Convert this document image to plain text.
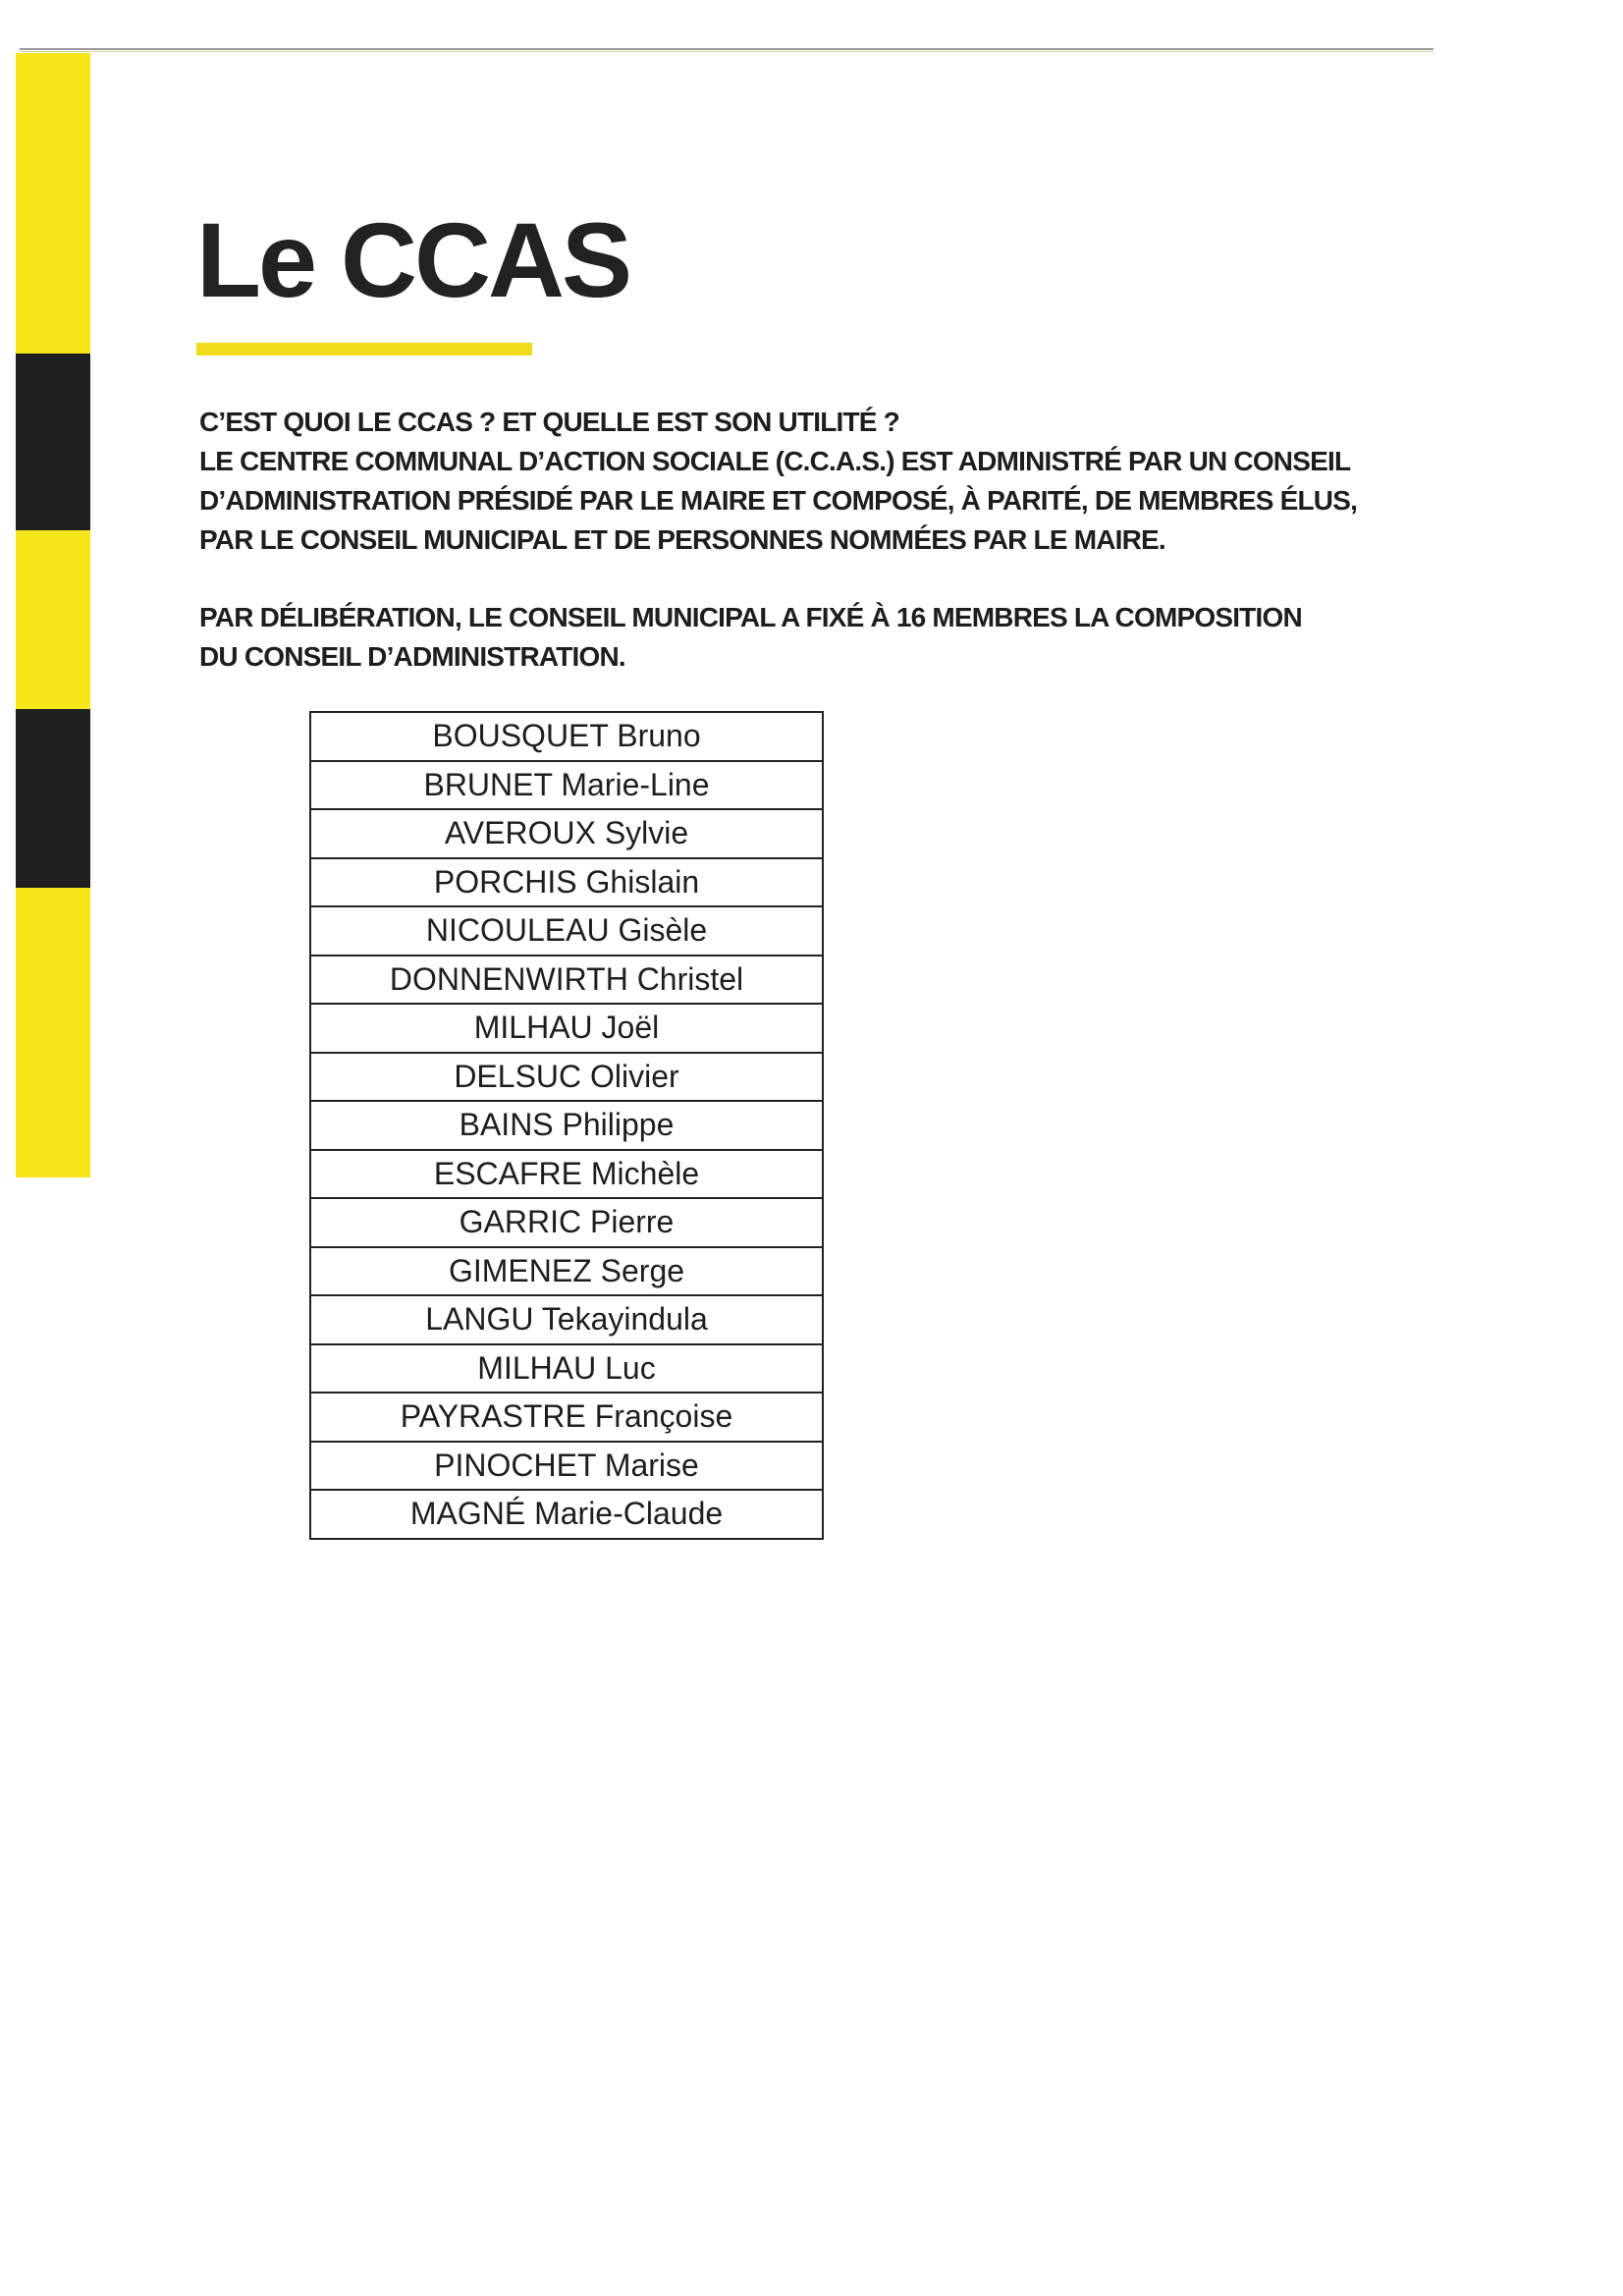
Le CCAS
C’EST QUOI LE CCAS ? ET QUELLE EST SON UTILITÉ ?
LE CENTRE COMMUNAL D’ACTION SOCIALE (C.C.A.S.) EST ADMINISTRÉ PAR UN CONSEIL
D’ADMINISTRATION PRÉSIDÉ PAR LE MAIRE ET COMPOSÉ, À PARITÉ, DE MEMBRES ÉLUS,
PAR LE CONSEIL MUNICIPAL ET DE PERSONNES NOMMÉES PAR LE MAIRE.
PAR DÉLIBÉRATION, LE CONSEIL MUNICIPAL A FIXÉ À 16 MEMBRES LA COMPOSITION
DU CONSEIL D’ADMINISTRATION.
BOUSQUET Bruno
BRUNET Marie-Line
AVEROUX Sylvie
PORCHIS Ghislain
NICOULEAU Gisèle
DONNENWIRTH Christel
MILHAU Joël
DELSUC Olivier
BAINS Philippe
ESCAFRE Michèle
GARRIC Pierre
GIMENEZ Serge
LANGU Tekayindula
MILHAU Luc
PAYRASTRE Françoise
PINOCHET Marise
MAGNÉ Marie-Claude
